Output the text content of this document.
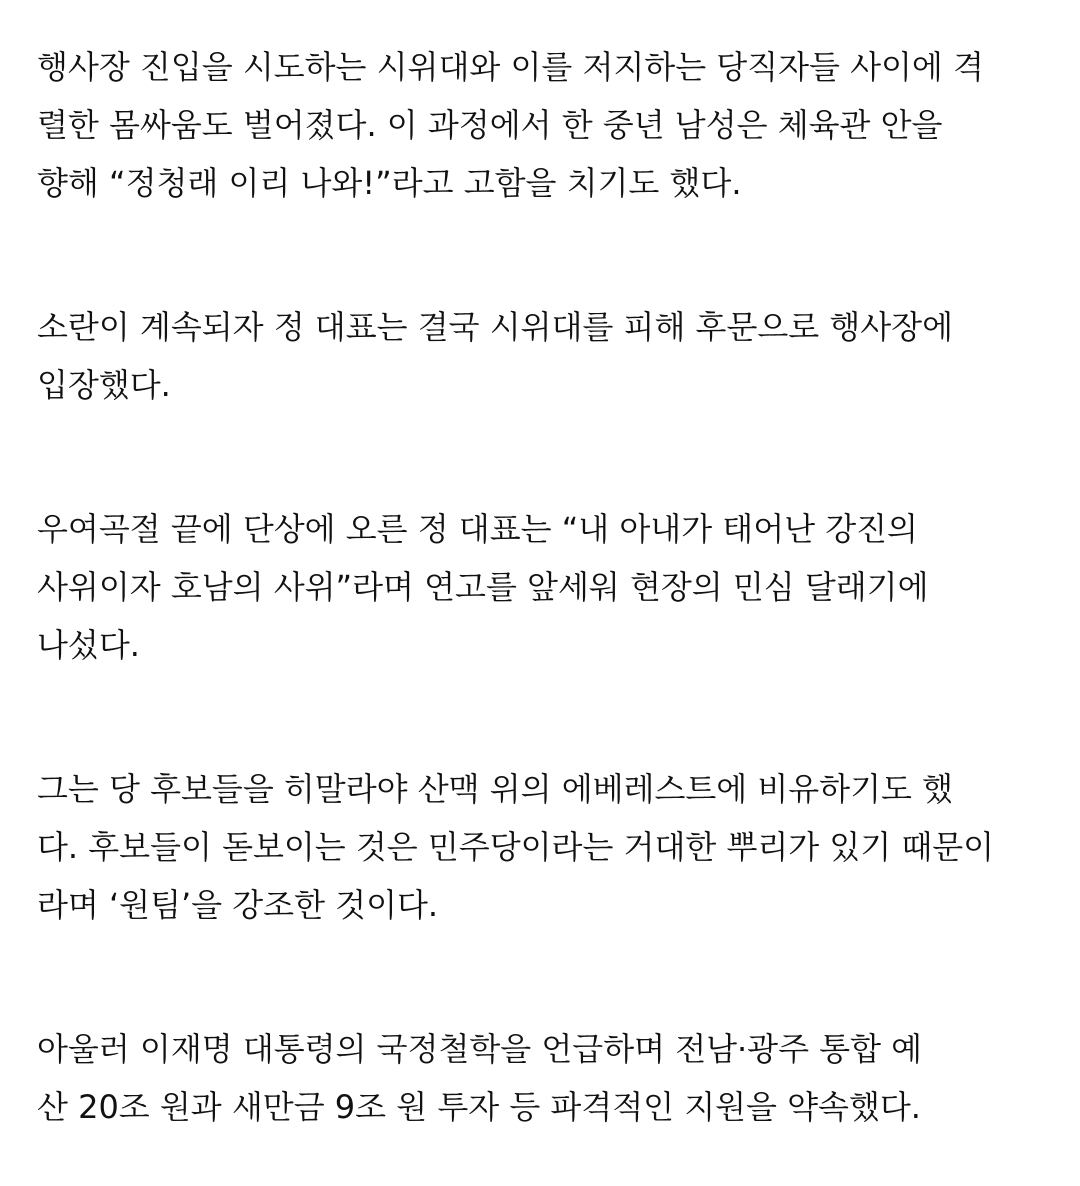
행사장 진입을 시도하는 시위대와 이를 저지하는 당직자들 사이에 격
렬한 몸싸움도 벌어졌다. 이 과정에서 한 중년 남성은 체육관 안을
향해 “정청래 이리 나와!”라고 고함을 치기도 했다.

소란이 계속되자 정 대표는 결국 시위대를 피해 후문으로 행사장에
입장했다.

우여곡절 끝에 단상에 오른 정 대표는 “내 아내가 태어난 강진의
사위이자 호남의 사위”라며 연고를 앞세워 현장의 민심 달래기에
나섰다.

그는 당 후보들을 히말라야 산맥 위의 에베레스트에 비유하기도 했
다. 후보들이 돋보이는 것은 민주당이라는 거대한 뿌리가 있기 때문이
라며 ‘원팀’을 강조한 것이다.

아울러 이재명 대통령의 국정철학을 언급하며 전남·광주 통합 예
산 20조 원과 새만금 9조 원 투자 등 파격적인 지원을 약속했다.
